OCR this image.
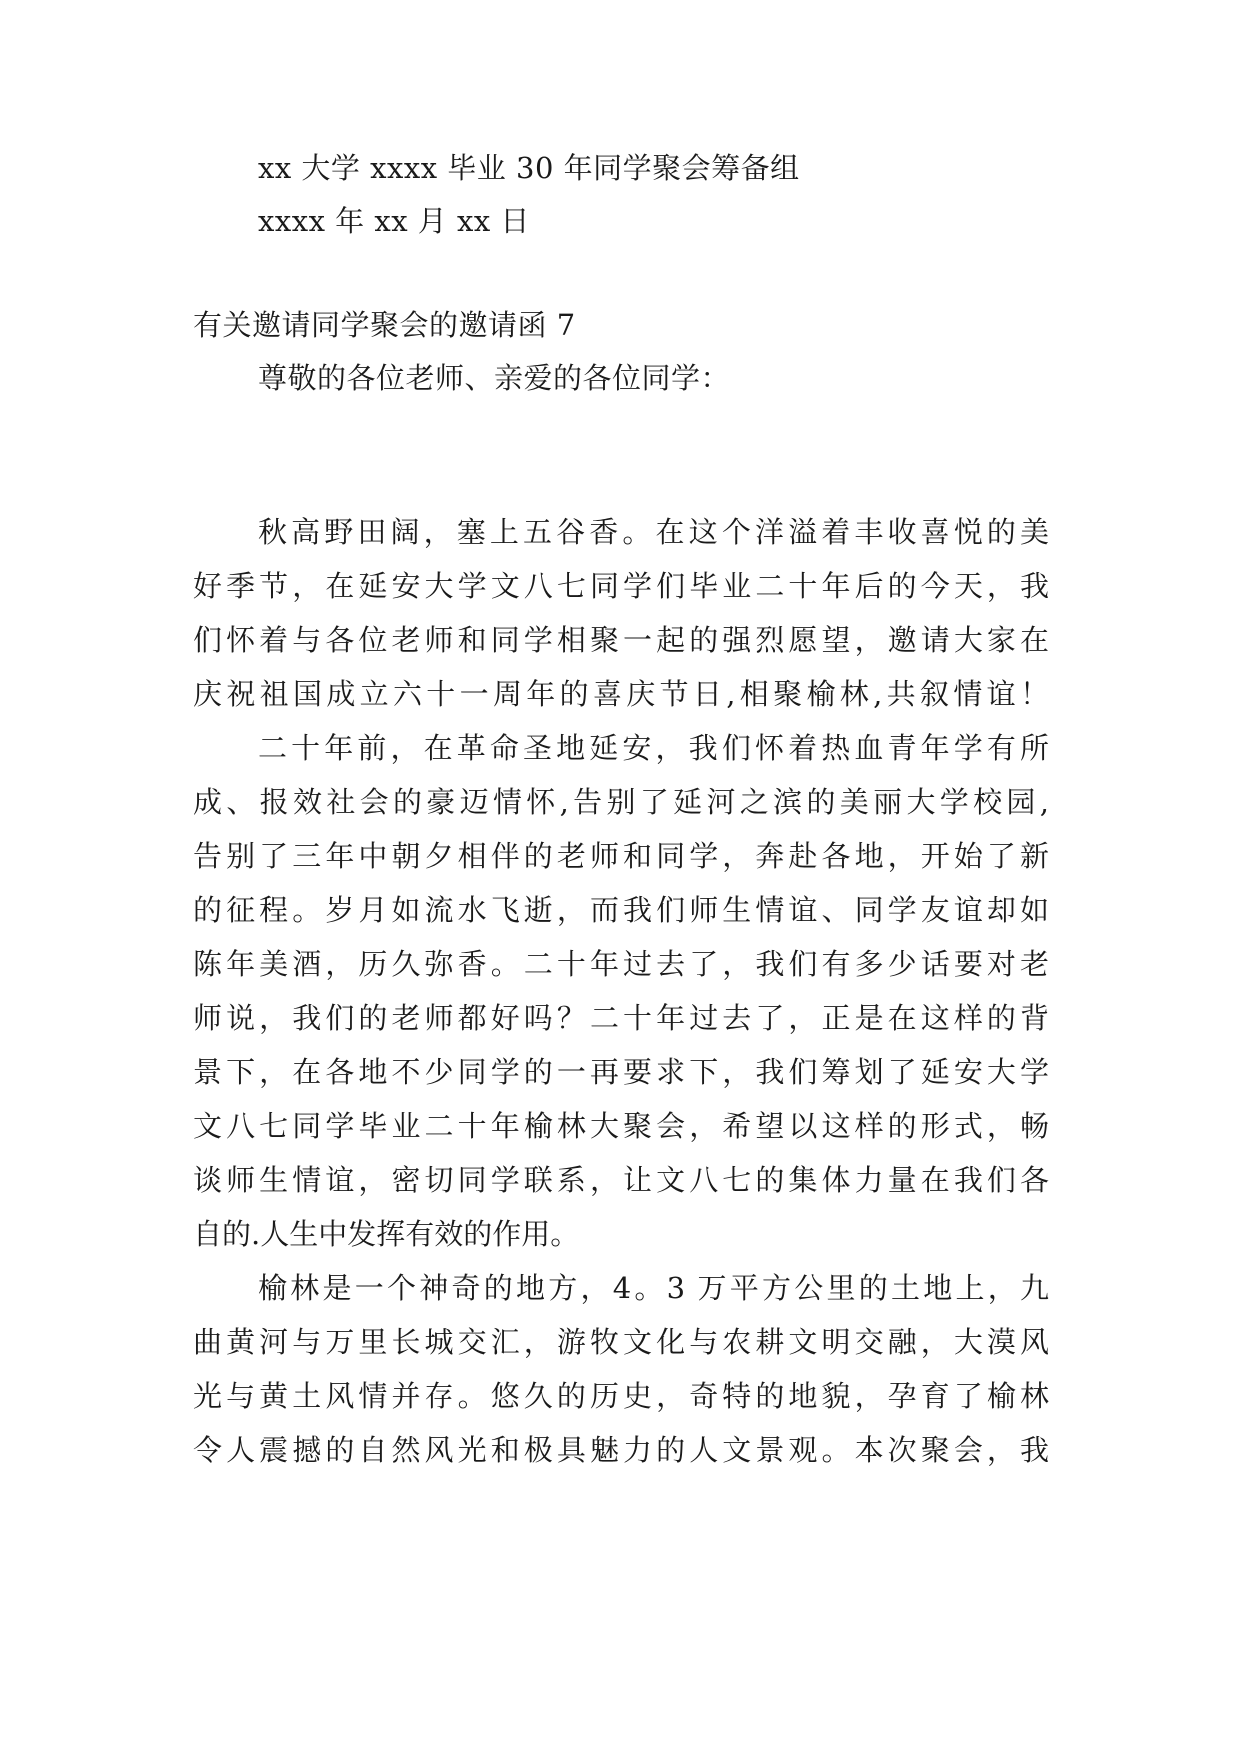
xx 大学 xxxx 毕业 30 年同学聚会筹备组
xxxx 年 xx 月 xx 日
有关邀请同学聚会的邀请函 7
尊敬的各位老师、亲爱的各位同学：
秋高野田阔，塞上五谷香。在这个洋溢着丰收喜悦的美
好季节，在延安大学文八七同学们毕业二十年后的今天，我
们怀着与各位老师和同学相聚一起的强烈愿望，邀请大家在
庆祝祖国成立六十一周年的喜庆节日,相聚榆林,共叙情谊！
二十年前，在革命圣地延安，我们怀着热血青年学有所
成、报效社会的豪迈情怀,告别了延河之滨的美丽大学校园,
告别了三年中朝夕相伴的老师和同学，奔赴各地，开始了新
的征程。岁月如流水飞逝，而我们师生情谊、同学友谊却如
陈年美酒，历久弥香。二十年过去了，我们有多少话要对老
师说，我们的老师都好吗？二十年过去了，正是在这样的背
景下，在各地不少同学的一再要求下，我们筹划了延安大学
文八七同学毕业二十年榆林大聚会，希望以这样的形式，畅
谈师生情谊，密切同学联系，让文八七的集体力量在我们各
自的.人生中发挥有效的作用。
榆林是一个神奇的地方，4。3 万平方公里的土地上，九
曲黄河与万里长城交汇，游牧文化与农耕文明交融，大漠风
光与黄土风情并存。悠久的历史，奇特的地貌，孕育了榆林
令人震撼的自然风光和极具魅力的人文景观。本次聚会，我
